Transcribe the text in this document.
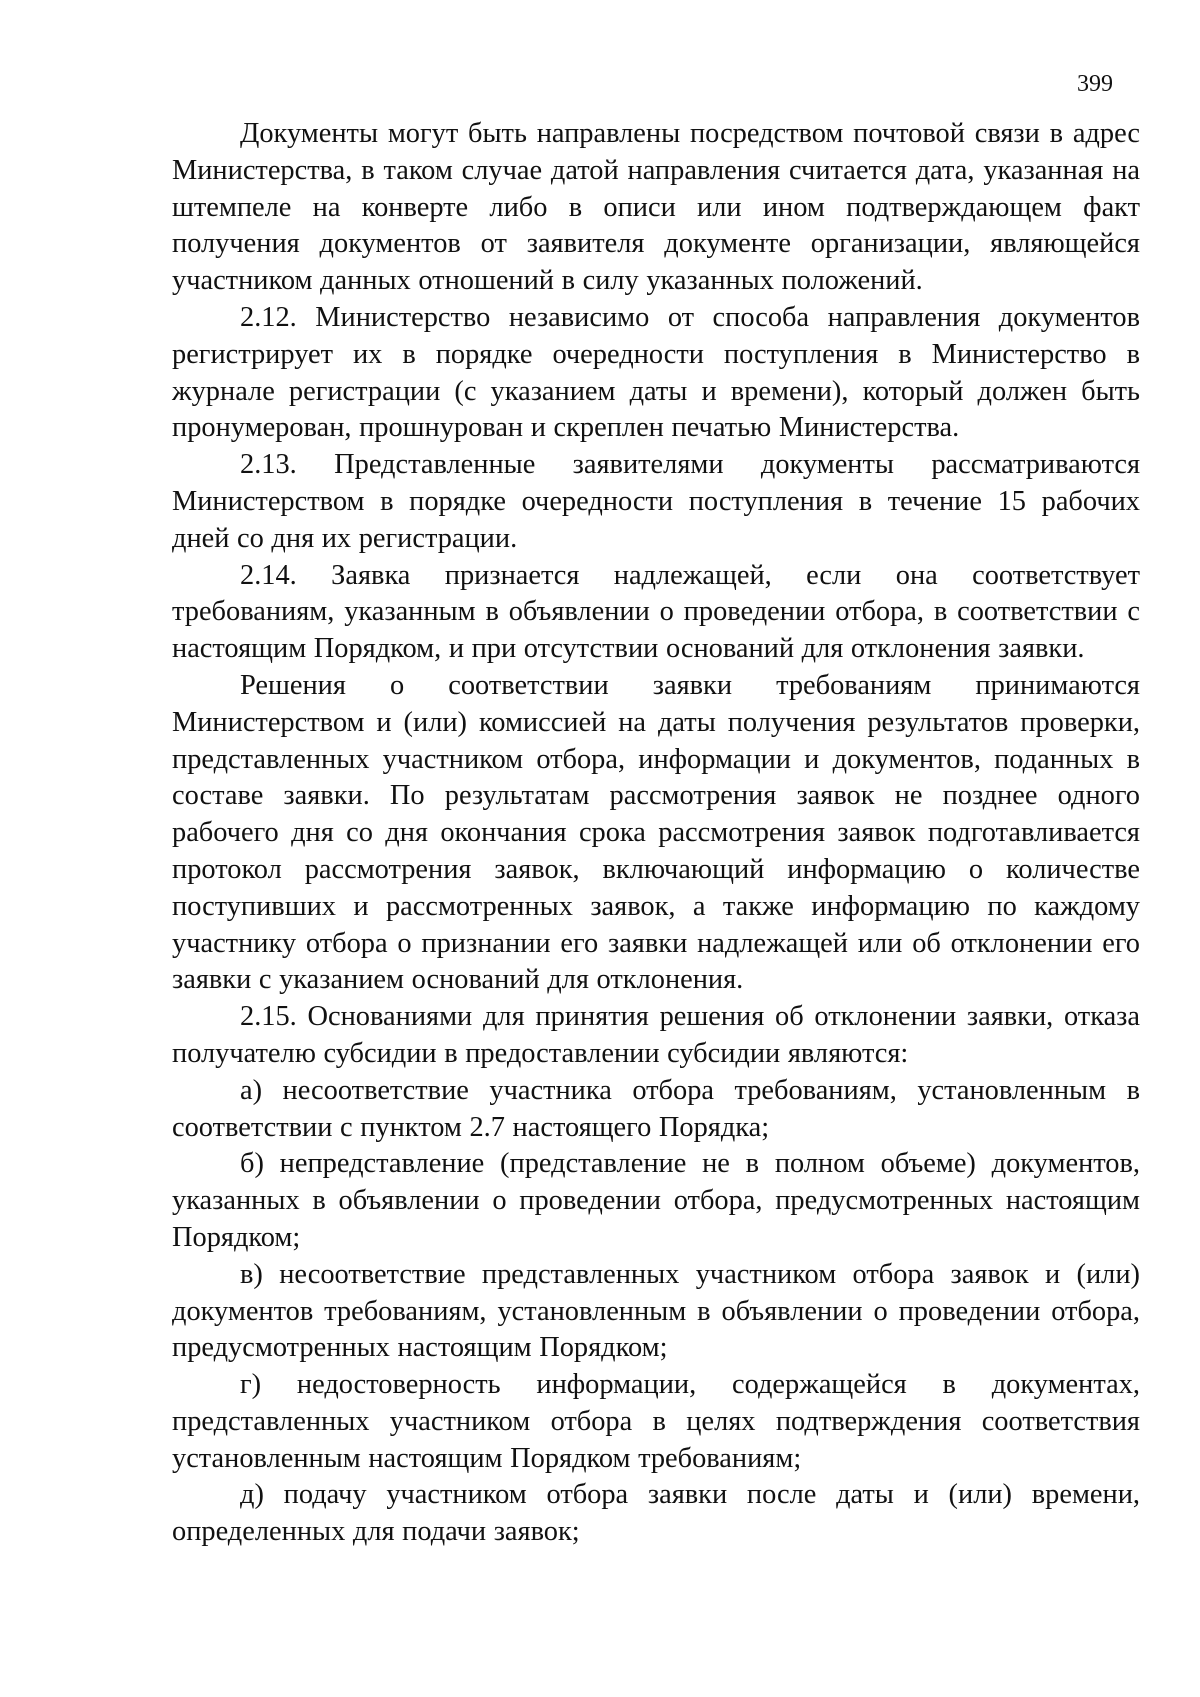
399

Документы могут быть направлены посредством почтовой связи в адрес Министерства, в таком случае датой направления считается дата, указанная на штемпеле на конверте либо в описи или ином подтверждающем факт получения документов от заявителя документе организации, являющейся участником данных отношений в силу указанных положений.

2.12. Министерство независимо от способа направления документов регистрирует их в порядке очередности поступления в Министерство в журнале регистрации (с указанием даты и времени), который должен быть пронумерован, прошнурован и скреплен печатью Министерства.

2.13. Представленные заявителями документы рассматриваются Министерством в порядке очередности поступления в течение 15 рабочих дней со дня их регистрации.

2.14. Заявка признается надлежащей, если она соответствует требованиям, указанным в объявлении о проведении отбора, в соответствии с настоящим Порядком, и при отсутствии оснований для отклонения заявки.

Решения о соответствии заявки требованиям принимаются Министерством и (или) комиссией на даты получения результатов проверки, представленных участником отбора, информации и документов, поданных в составе заявки. По результатам рассмотрения заявок не позднее одного рабочего дня со дня окончания срока рассмотрения заявок подготавливается протокол рассмотрения заявок, включающий информацию о количестве поступивших и рассмотренных заявок, а также информацию по каждому участнику отбора о признании его заявки надлежащей или об отклонении его заявки с указанием оснований для отклонения.

2.15. Основаниями для принятия решения об отклонении заявки, отказа получателю субсидии в предоставлении субсидии являются:

а) несоответствие участника отбора требованиям, установленным в соответствии с пунктом 2.7 настоящего Порядка;

б) непредставление (представление не в полном объеме) документов, указанных в объявлении о проведении отбора, предусмотренных настоящим Порядком;

в) несоответствие представленных участником отбора заявок и (или) документов требованиям, установленным в объявлении о проведении отбора, предусмотренных настоящим Порядком;

г) недостоверность информации, содержащейся в документах, представленных участником отбора в целях подтверждения соответствия установленным настоящим Порядком требованиям;

д) подачу участником отбора заявки после даты и (или) времени, определенных для подачи заявок;
